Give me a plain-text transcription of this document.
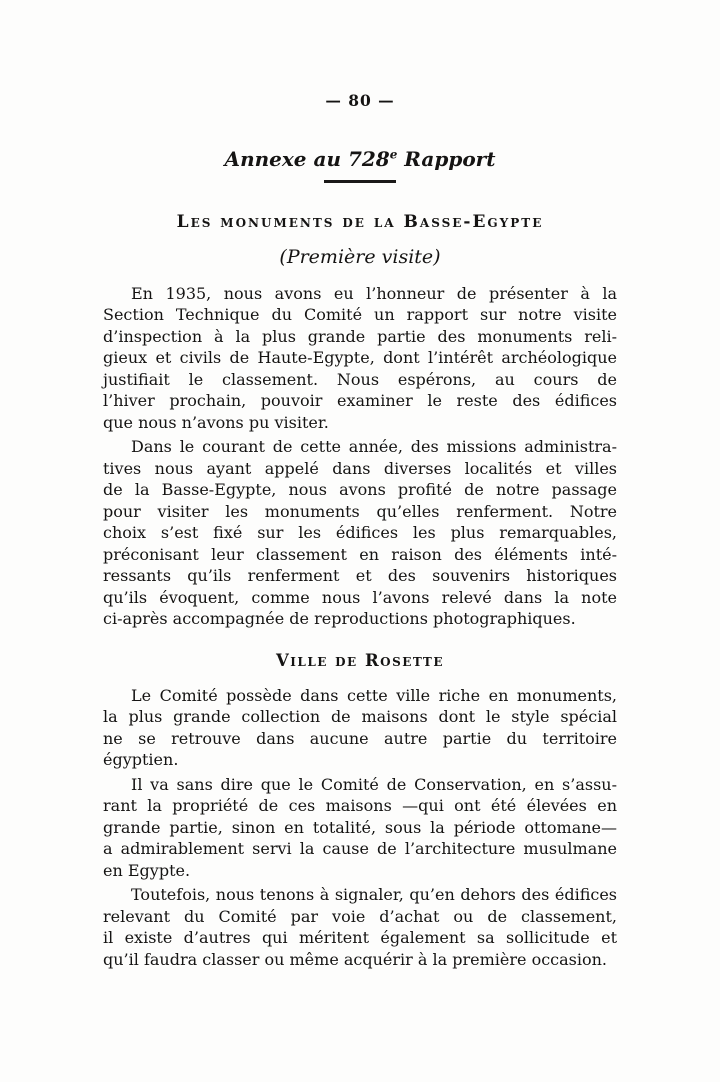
— 80 —
Annexe au 728e Rapport
Les monuments de la Basse-Egypte
(Première visite)
En 1935, nous avons eu l’honneur de présenter à la
Section Technique du Comité un rapport sur notre visite
d’inspection à la plus grande partie des monuments reli-
gieux et civils de Haute-Egypte, dont l’intérêt archéologique
justifiait le classement. Nous espérons, au cours de
l’hiver prochain, pouvoir examiner le reste des édifices
que nous n’avons pu visiter.
Dans le courant de cette année, des missions administra-
tives nous ayant appelé dans diverses localités et villes
de la Basse-Egypte, nous avons profité de notre passage
pour visiter les monuments qu’elles renferment. Notre
choix s’est fixé sur les édifices les plus remarquables,
préconisant leur classement en raison des éléments inté-
ressants qu’ils renferment et des souvenirs historiques
qu’ils évoquent, comme nous l’avons relevé dans la note
ci-après accompagnée de reproductions photographiques.
Ville de Rosette
Le Comité possède dans cette ville riche en monuments,
la plus grande collection de maisons dont le style spécial
ne se retrouve dans aucune autre partie du territoire
égyptien.
Il va sans dire que le Comité de Conservation, en s’assu-
rant la propriété de ces maisons —qui ont été élevées en
grande partie, sinon en totalité, sous la période ottomane—
a admirablement servi la cause de l’architecture musulmane
en Egypte.
Toutefois, nous tenons à signaler, qu’en dehors des édifices
relevant du Comité par voie d’achat ou de classement,
il existe d’autres qui méritent également sa sollicitude et
qu’il faudra classer ou même acquérir à la première occasion.
